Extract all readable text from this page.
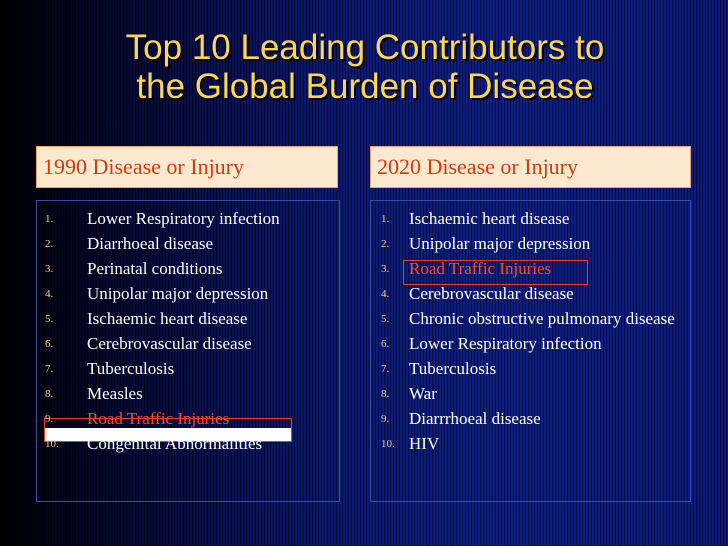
Top 10 Leading Contributors to
the Global Burden of Disease
1990 Disease or Injury	2020 Disease or Injury
1.	Lower Respiratory infection
2.	Diarrhoeal disease
3.	Perinatal conditions
4.	Unipolar major depression
5.	Ischaemic heart disease
6.	Cerebrovascular disease
7.	Tuberculosis
8.	Measles
9.	Road Traffic Injuries
10.	Congenital Abnormalities
1.	Ischaemic heart disease
2.	Unipolar major depression
3.	Road Traffic Injuries
4.	Cerebrovascular disease
5.	Chronic obstructive pulmonary disease
6.	Lower Respiratory infection
7.	Tuberculosis
8.	War
9.	Diarrrhoeal disease
10. HIV
